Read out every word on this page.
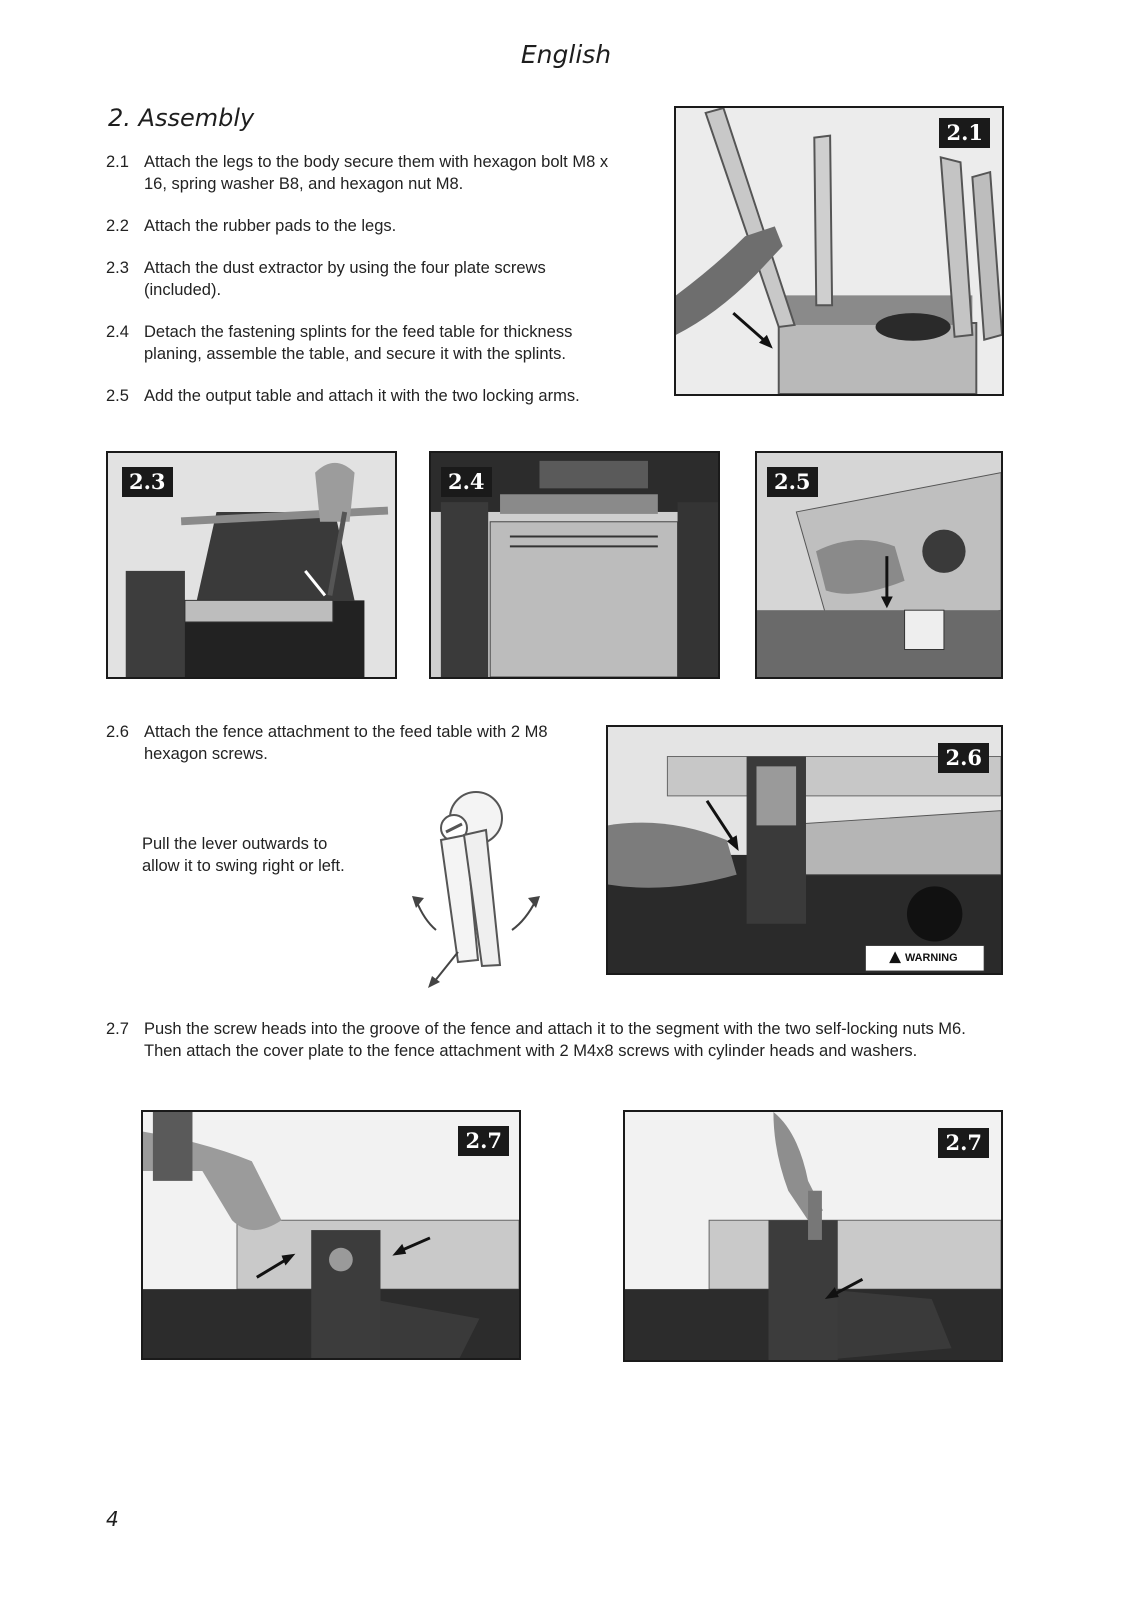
English
2. Assembly
2.1 Attach the legs to the body secure them with hexagon bolt M8 x 16, spring washer B8, and hexagon nut M8.
2.2 Attach the rubber pads to the legs.
2.3 Attach the dust extractor by using the four plate screws (included).
2.4 Detach the fastening splints for the feed table for thickness planing, assemble the table, and secure it with the splints.
2.5 Add the output table and attach it with the two locking arms.
2.1
2.3	2.4	2.5
2.6 Attach the fence attachment to the feed table with 2 M8 hexagon screws.
Pull the lever outwards to allow it to swing right or left.
WARNING
2.6
2.7 Push the screw heads into the groove of the fence and attach it to the segment with the two self-locking nuts M6. Then attach the cover plate to the fence attachment with 2 M4x8 screws with cylinder heads and washers.
2.7	2.7
4
